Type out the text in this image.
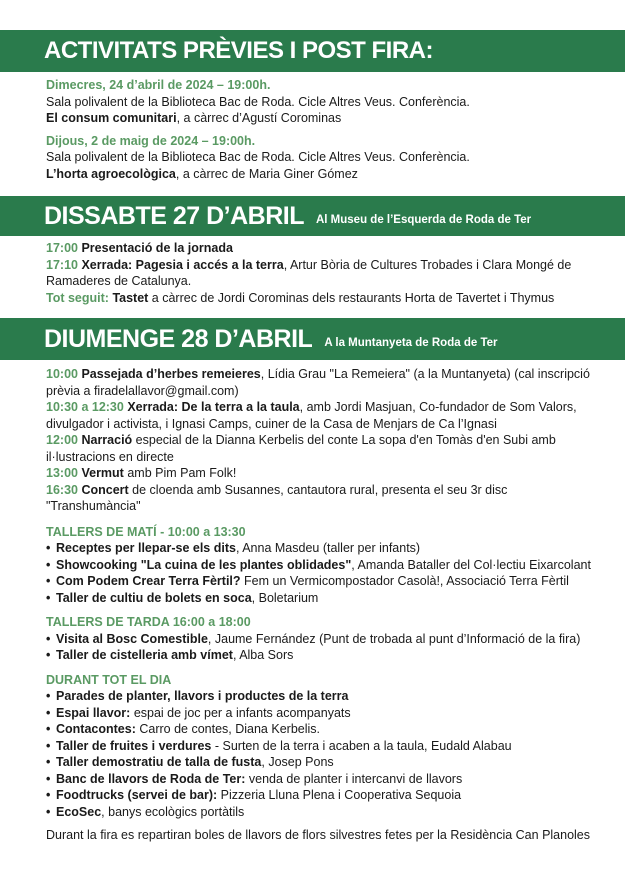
ACTIVITATS PRÈVIES I POST FIRA:
Dimecres, 24 d’abril de 2024 – 19:00h.
Sala polivalent de la Biblioteca Bac de Roda. Cicle Altres Veus. Conferència.
El consum comunitari, a càrrec d’Agustí Corominas
Dijous, 2 de maig de 2024 – 19:00h.
Sala polivalent de la Biblioteca Bac de Roda. Cicle Altres Veus. Conferència.
L’horta agroecològica, a càrrec de Maria Giner Gómez
DISSABTE 27 D’ABRIL Al Museu de l’Esquerda de Roda de Ter
17:00 Presentació de la jornada
17:10 Xerrada: Pagesia i accés a la terra, Artur Bòria de Cultures Trobades i Clara Mongé de Ramaderes de Catalunya.
Tot seguit: Tastet a càrrec de Jordi Corominas dels restaurants Horta de Tavertet i Thymus
DIUMENGE 28 D’ABRIL A la Muntanyeta de Roda de Ter
10:00 Passejada d’herbes remeieres, Lídia Grau "La Remeiera" (a la Muntanyeta) (cal inscripció prèvia a firadelallavor@gmail.com)
10:30 a 12:30 Xerrada: De la terra a la taula, amb Jordi Masjuan, Co-fundador de Som Valors, divulgador i activista, i Ignasi Camps, cuiner de la Casa de Menjars de Ca l’Ignasi
12:00 Narració especial de la Dianna Kerbelis del conte La sopa d'en Tomàs d'en Subi amb il·lustracions en directe
13:00 Vermut amb Pim Pam Folk!
16:30 Concert de cloenda amb Susannes, cantautora rural, presenta el seu 3r disc "Transhumància"
TALLERS DE MATÍ - 10:00 a 13:30
• Receptes per llepar-se els dits, Anna Masdeu (taller per infants)
• Showcooking "La cuina de les plantes oblidades", Amanda Bataller del Col·lectiu Eixarcolant
• Com Podem Crear Terra Fèrtil? Fem un Vermicompostador Casolà!, Associació Terra Fèrtil
• Taller de cultiu de bolets en soca, Boletarium
TALLERS DE TARDA 16:00 a 18:00
• Visita al Bosc Comestible, Jaume Fernández (Punt de trobada al punt d’Informació de la fira)
• Taller de cistelleria amb vímet, Alba Sors
DURANT TOT EL DIA
• Parades de planter, llavors i productes de la terra
• Espai llavor: espai de joc per a infants acompanyats
• Contacontes: Carro de contes, Diana Kerbelis.
• Taller de fruites i verdures - Surten de la terra i acaben a la taula, Eudald Alabau
• Taller demostratiu de talla de fusta, Josep Pons
• Banc de llavors de Roda de Ter: venda de planter i intercanvi de llavors
• Foodtrucks (servei de bar): Pizzeria Lluna Plena i Cooperativa Sequoia
• EcoSec, banys ecològics portàtils
Durant la fira es repartiran boles de llavors de flors silvestres fetes per la Residència Can Planoles
